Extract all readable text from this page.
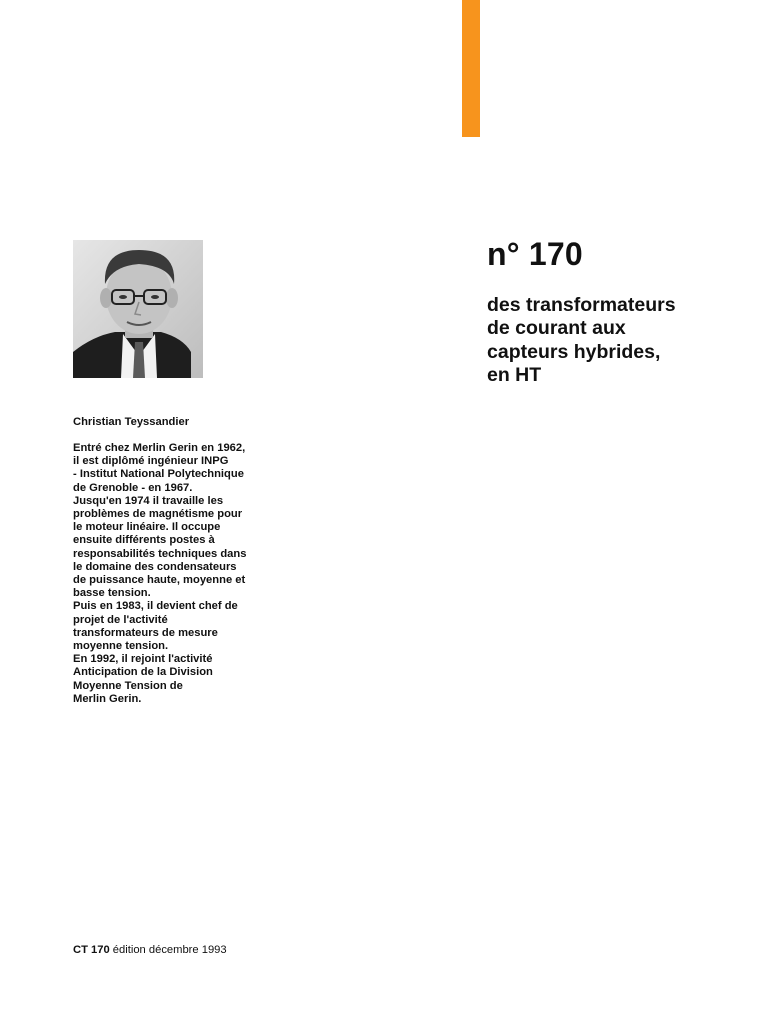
n° 170
des transformateurs
de courant aux
capteurs hybrides,
en HT
Christian Teyssandier
Entré chez Merlin Gerin en 1962,
il est diplômé ingénieur INPG
- Institut National Polytechnique
de Grenoble - en 1967.
Jusqu'en 1974 il travaille les
problèmes de magnétisme pour
le moteur linéaire. Il occupe
ensuite différents postes à
responsabilités techniques dans
le domaine des condensateurs
de puissance haute, moyenne et
basse tension.
Puis en 1983, il devient chef de
projet de l'activité
transformateurs de mesure
moyenne tension.
En 1992, il rejoint l'activité
Anticipation de la Division
Moyenne Tension de
Merlin Gerin.
CT 170 édition décembre 1993
